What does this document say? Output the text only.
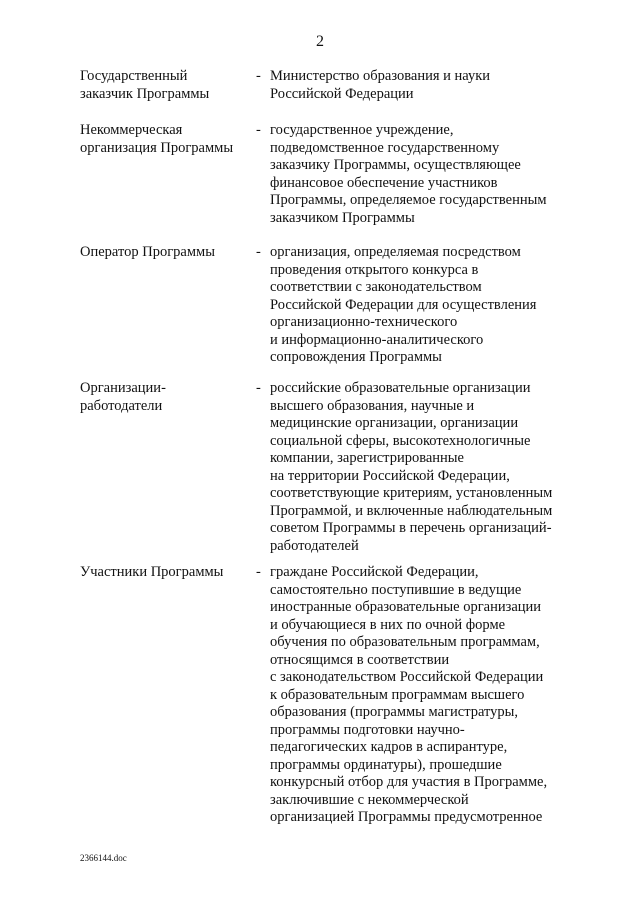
2
Государственный
заказчик Программы
- Министерство образования и науки
Российской Федерации
Некоммерческая
организация Программы
- государственное учреждение,
подведомственное государственному
заказчику Программы, осуществляющее
финансовое обеспечение участников
Программы, определяемое государственным
заказчиком Программы
Оператор Программы	- организация, определяемая посредством
проведения открытого конкурса в
соответствии с законодательством
Российской Федерации для осуществления
организационно-технического
и информационно-аналитического
сопровождения Программы
Организации-
работодатели
- российские образовательные организации
высшего образования, научные и
медицинские организации, организации
социальной сферы, высокотехнологичные
компании, зарегистрированные
на территории Российской Федерации,
соответствующие критериям, установленным
Программой, и включенные наблюдательным
советом Программы в перечень организаций-
работодателей
Участники Программы	- граждане Российской Федерации,
самостоятельно поступившие в ведущие
иностранные образовательные организации
и обучающиеся в них по очной форме
обучения по образовательным программам,
относящимся в соответствии
с законодательством Российской Федерации
к образовательным программам высшего
образования (программы магистратуры,
программы подготовки научно-
педагогических кадров в аспирантуре,
программы ординатуры), прошедшие
конкурсный отбор для участия в Программе,
заключившие с некоммерческой
организацией Программы предусмотренное
2366144.doc
